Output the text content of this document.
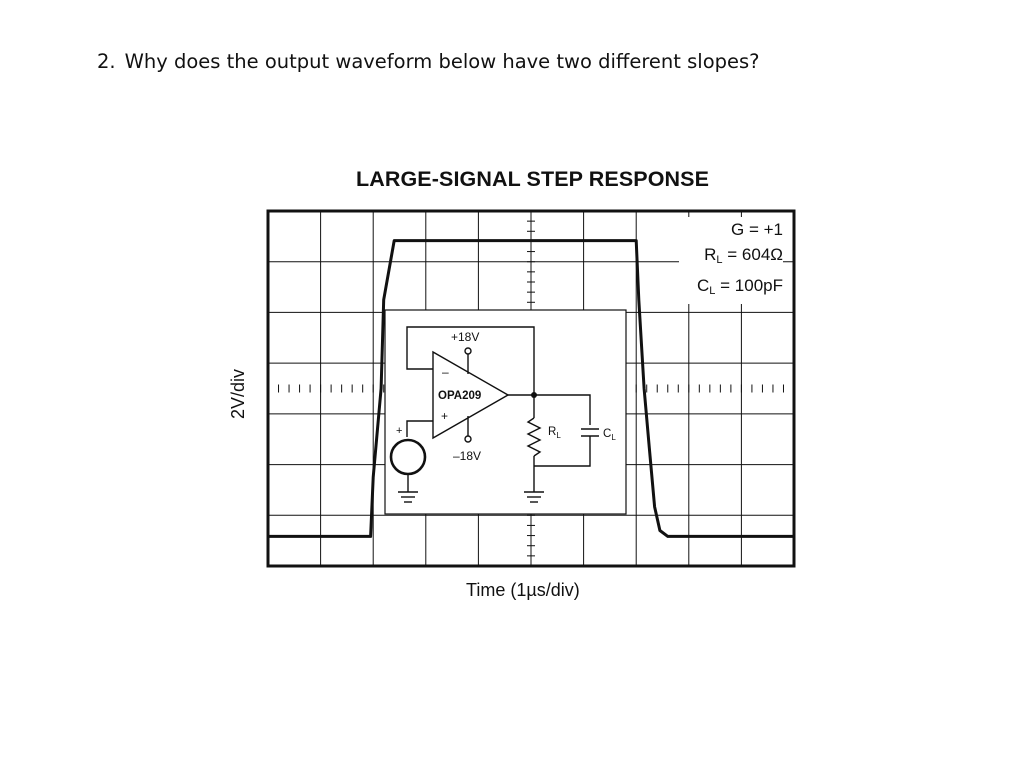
2. Why does the output waveform below have two different slopes?
LARGE-SIGNAL STEP RESPONSE
+18V
–18V
OPA209
–
+
+	$R_L$	$C_L$
G = +1
$R_L = 604\Omega$
$C_L = 100pF$
Time (1µs/div)
2V/div
